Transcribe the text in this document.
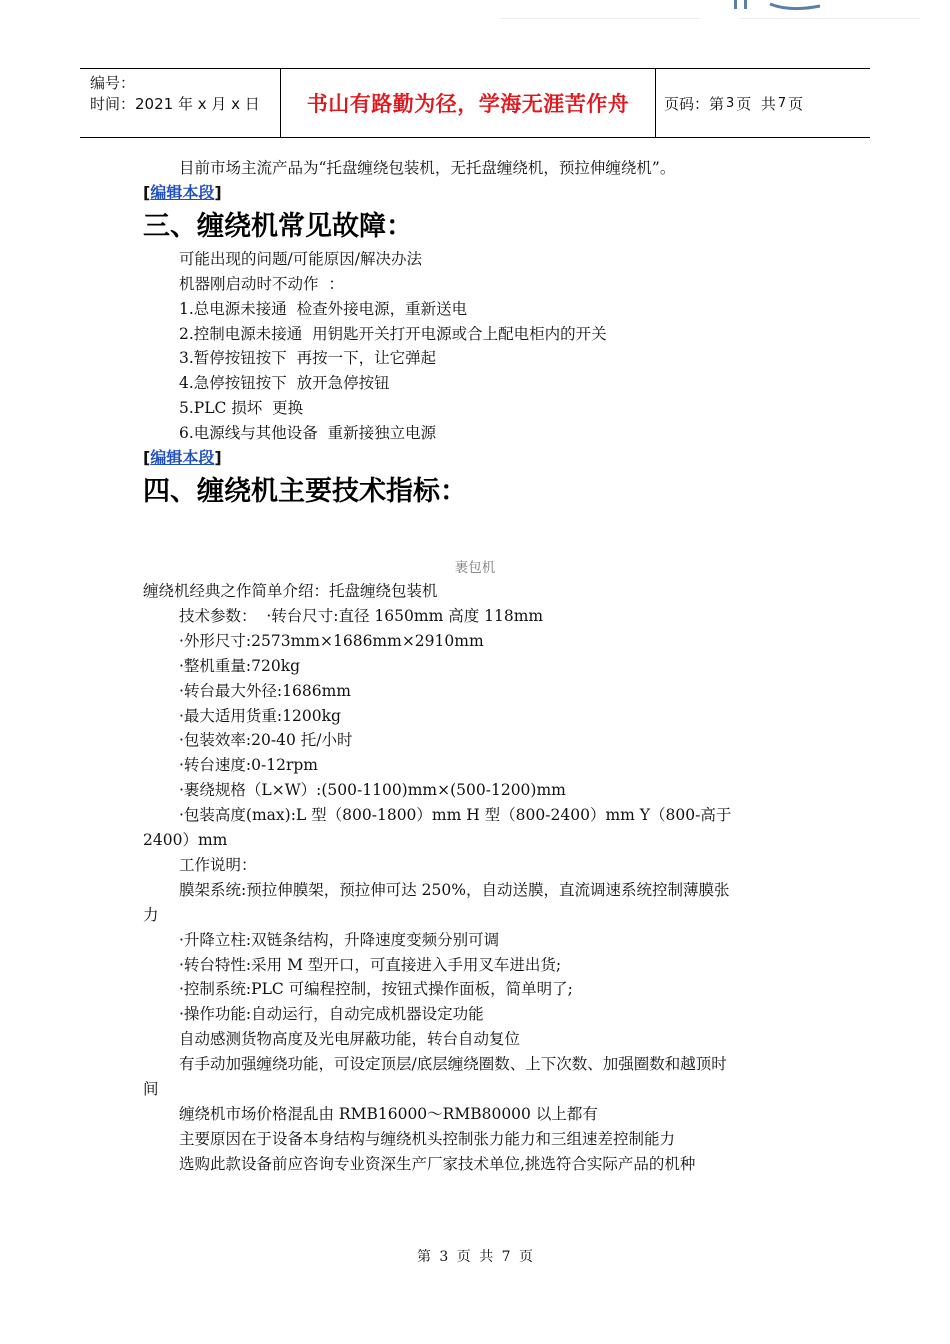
编号：
时间：2021 年 x 月 x 日	书山有路勤为径，学海无涯苦作舟	页码：第 3 页  共 7 页

目前市场主流产品为“托盘缠绕包装机，无托盘缠绕机，预拉伸缠绕机”。

[编辑本段]
三、缠绕机常见故障：

可能出现的问题/可能原因/解决办法

机器刚启动时不动作  ：

1.总电源未接通  检查外接电源，重新送电

2.控制电源未接通  用钥匙开关打开电源或合上配电柜内的开关

3.暂停按钮按下  再按一下，让它弹起

4.急停按钮按下  放开急停按钮

5.PLC 损坏  更换

6.电源线与其他设备  重新接独立电源

[编辑本段]
四、缠绕机主要技术指标：
裹包机

缠绕机经典之作简单介绍：托盘缠绕包装机

技术参数：  ·转台尺寸:直径 1650mm 高度 118mm

·外形尺寸:2573mm×1686mm×2910mm

·整机重量:720kg

·转台最大外径:1686mm

·最大适用货重:1200kg

·包装效率:20-40 托/小时

·转台速度:0-12rpm

·裹绕规格（L×W）:(500-1100)mm×(500-1200)mm

·包装高度(max):L 型（800-1800）mm H 型（800-2400）mm Y（800-高于

2400）mm

工作说明：

膜架系统:预拉伸膜架，预拉伸可达 250%，自动送膜，直流调速系统控制薄膜张

力

·升降立柱:双链条结构，升降速度变频分别可调

·转台特性:采用 M 型开口，可直接进入手用叉车进出货;

·控制系统:PLC 可编程控制，按钮式操作面板，简单明了;

·操作功能:自动运行，自动完成机器设定功能

自动感测货物高度及光电屏蔽功能，转台自动复位

有手动加强缠绕功能，可设定顶层/底层缠绕圈数、上下次数、加强圈数和越顶时

间

缠绕机市场价格混乱由 RMB16000～RMB80000 以上都有

主要原因在于设备本身结构与缠绕机头控制张力能力和三组速差控制能力

选购此款设备前应咨询专业资深生产厂家技术单位,挑选符合实际产品的机种

第 3 页 共 7 页
